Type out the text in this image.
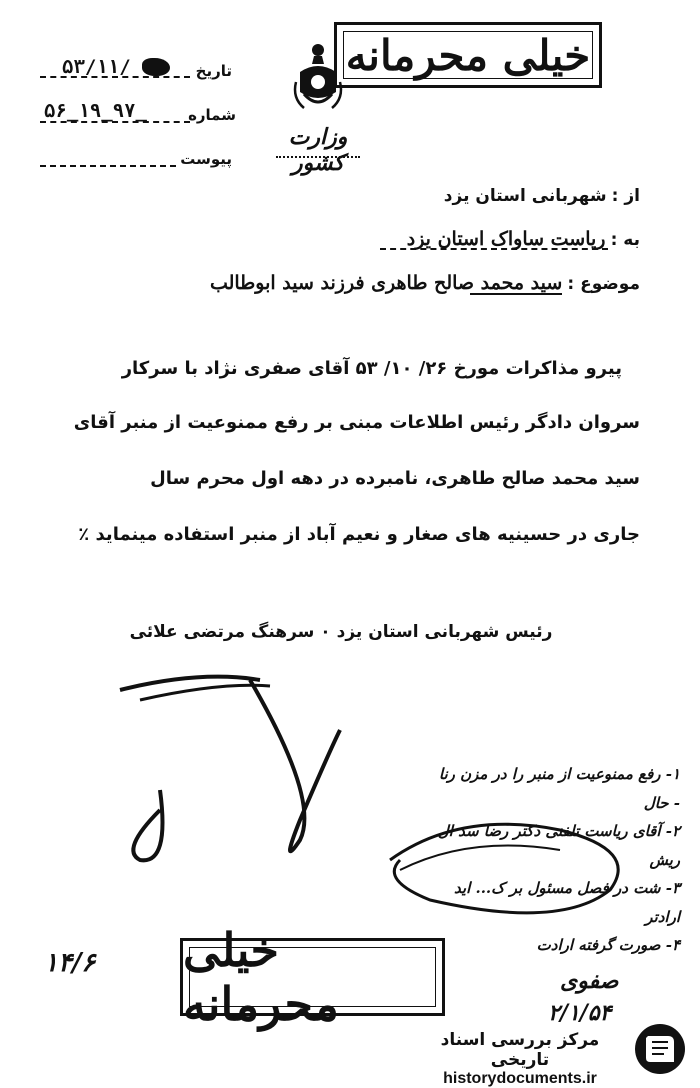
خیلی محرمانه
وزارت کشور
تاریخ
۵۳/۱۱/
شماره
۵۶_۱۹_۹۷_
پیوست
از : شهربانی استان یزد
به : ریاست ساواک استان یزد
موضوع : سید محمد صالح طاهری فرزند سید ابوطالب
پیرو مذاکرات مورخ ۲۶/ ۱۰/ ۵۳ آقای صفری نژاد با سرکار
سروان دادگر رئیس اطلاعات مبنی بر رفع ممنوعیت از منبر آقای
سید محمد صالح طاهری، نامبرده در دهه اول محرم سال
جاری در حسینیه های صغار و نعیم آباد از منبر استفاده مینماید ٪
رئیس شهربانی استان یزد ۰ سرهنگ مرتضی علائی
۱- رفع ممنوعیت از منبر را در مزن رنا - حال
۲- آقای ریاست تلفنی دکتر رضا سد ال ریش
۳- شت در فصل مسئول بر ک... اید ارادتر
۴- صورت گرفته ارادت
۱۴/۶
صفوی
۲/۱/۵۴
خیلی محرمانه
مرکز بررسی اسناد تاریخی
historydocuments.ir
